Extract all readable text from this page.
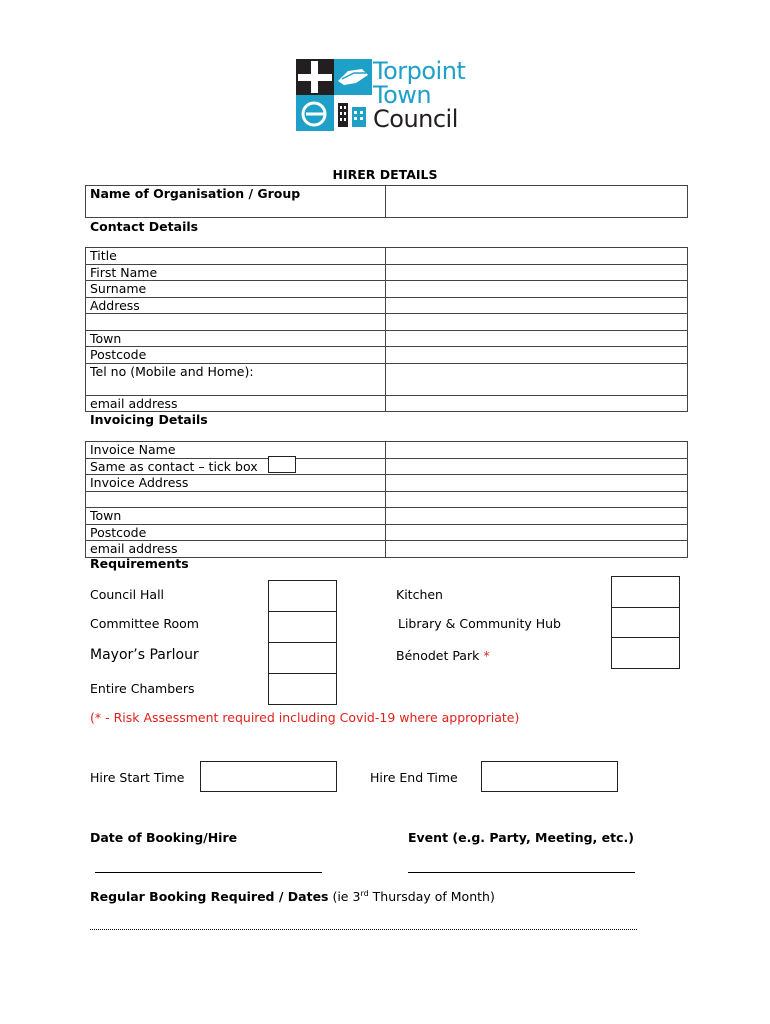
Torpoint
Town
Council
HIRER DETAILS
Name of Organisation / Group	
Contact Details
Title	
First Name	
Surname	
Address	

Town	
Postcode	
Tel no (Mobile and Home):	
email address	
Invoicing Details
Invoice Name	
Same as contact – tick box	
Invoice Address	

Town	
Postcode	
email address	
Requirements
Council Hall
Committee Room
Mayor’s Parlour
Entire Chambers
Kitchen
Library & Community Hub
Bénodet Park *
(* - Risk Assessment required including Covid-19 where appropriate)
Hire Start Time	Hire End Time
Date of Booking/Hire	Event (e.g. Party, Meeting, etc.)
Regular Booking Required / Dates (ie 3rd Thursday of Month)
